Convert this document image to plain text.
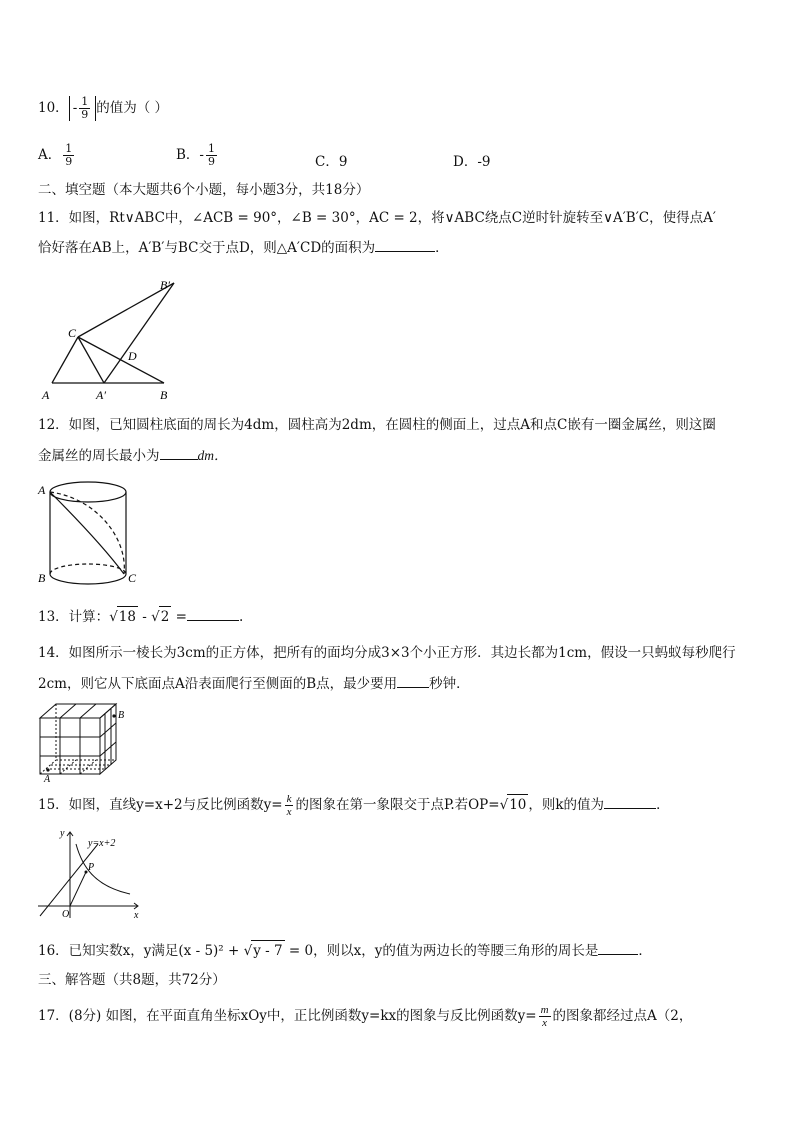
10． - $\frac{1}{9}$ 的值为（ ）
A． $\frac{1}{9}$	B．- $\frac{1}{9}$	C．9	D．-9
二、填空题（本大题共6个小题，每小题3分，共18分）
11．如图，Rt∨ABC中，∠ACB = 90°，∠B = 30°，AC = 2，将∨ABC绕点C逆时针旋转至∨A′B′C，使得点A′
恰好落在AB上，A′B′与BC交于点D，则△A′CD的面积为	．
A	A′	B
C
D
B′
12．如图，已知圆柱底面的周长为4dm，圆柱高为2dm，在圆柱的侧面上，过点A和点C嵌有一圈金属丝，则这圈
金属丝的周长最小为	dm．
A
B	C
13．计算：√18 - √2 =	.
14．如图所示一棱长为3cm的正方体，把所有的面均分成3×3个小正方形．其边长都为1cm，假设一只蚂蚁每秒爬行
2cm，则它从下底面点A沿表面爬行至侧面的B点，最少要用 秒钟．
A
B
15．如图，直线y=x+2与反比例函数$y= \frac{k}{x}$ 的图象在第一象限交于点P.若OP=√10 ，则k的值为	．
y
x
O
P
y=x+2
16．已知实数x，y满足(x - 5)² + √y - 7 = 0，则以x，y的值为两边长的等腰三角形的周长是	．
三、解答题（共8题，共72分）
17．(8分) 如图，在平面直角坐标xOy中，正比例函数y=kx的图象与反比例函数$y= \frac{m}{x}$ 的图象都经过点A（2，
